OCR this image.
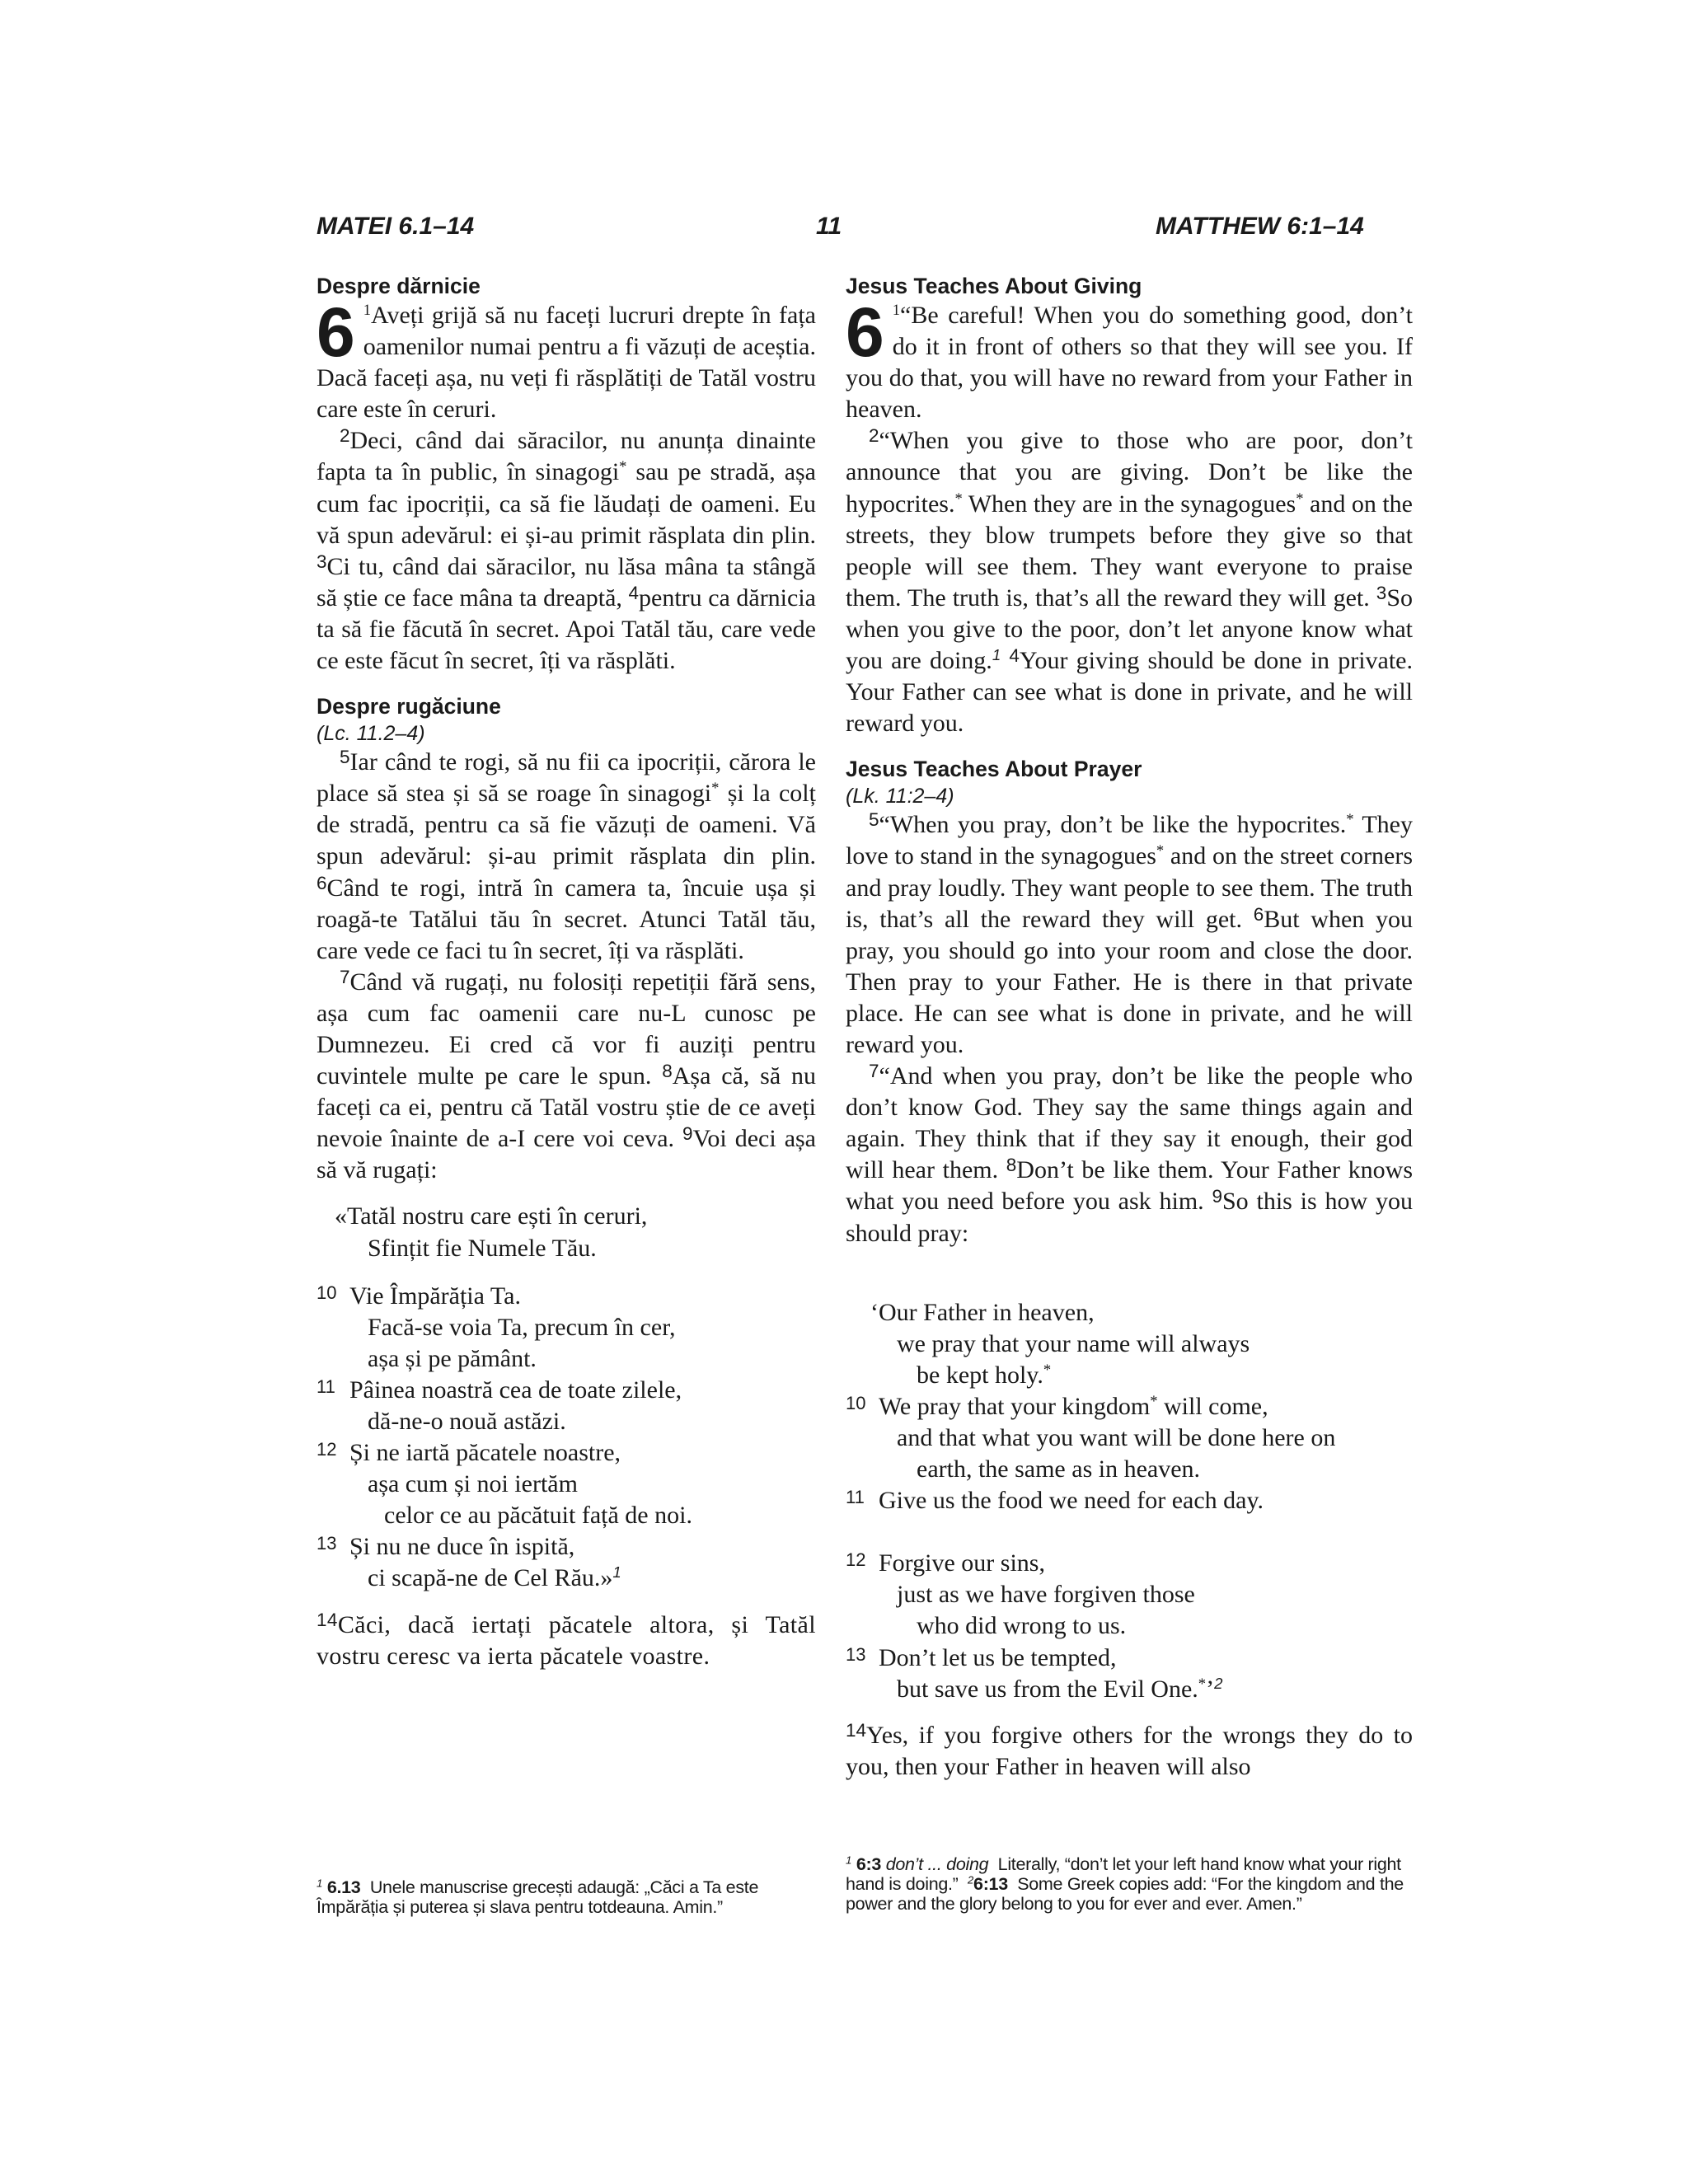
MATEI 6.1–14	11	MATTHEW 6:1–14
Despre dărnicie

6 $^1$Aveți grijă să nu faceți lucruri drepte în fața oamenilor numai pentru a fi văzuți de aceștia. Dacă faceți așa, nu veți fi răsplătiți de Tatăl vostru care este în ceruri.

$^2$Deci, când dai săracilor, nu anunța dinainte fapta ta în public, în sinagogi* sau pe stradă, așa cum fac ipocriții, ca să fie lăudați de oameni. Eu vă spun adevărul: ei și-au primit răsplata din plin. $^3$Ci tu, când dai săracilor, nu lăsa mâna ta stângă să știe ce face mâna ta dreaptă, $^4$pentru ca dărnicia ta să fie făcută în secret. Apoi Tatăl tău, care vede ce este făcut în secret, îți va răsplăti.

Despre rugăciune

(Lc. 11.2–4)

$^5$Iar când te rogi, să nu fii ca ipocriții, cărora le place să stea și să se roage în sinagogi* și la colț de stradă, pentru ca să fie văzuți de oameni. Vă spun adevărul: și-au primit răsplata din plin. $^6$Când te rogi, intră în camera ta, încuie ușa și roagă-te Tatălui tău în secret. Atunci Tatăl tău, care vede ce faci tu în secret, îți va răsplăti.

$^7$Când vă rugați, nu folosiți repetiții fără sens, așa cum fac oamenii care nu-L cunosc pe Dumnezeu. Ei cred că vor fi auziți pentru cuvintele multe pe care le spun. $^8$Așa că, să nu faceți ca ei, pentru că Tatăl vostru știe de ce aveți nevoie înainte de a-I cere voi ceva. $^9$Voi deci așa să vă rugați:

«Tatăl nostru care ești în ceruri,
Sfințit fie Numele Tău.
10 Vie Împărăția Ta.
Facă-se voia Ta, precum în cer,
așa și pe pământ.
11 Pâinea noastră cea de toate zilele,
dă-ne-o nouă astăzi.
12 Și ne iartă păcatele noastre,
așa cum și noi iertăm
celor ce au păcătuit față de noi.
13 Și nu ne duce în ispită,
ci scapă-ne de Cel Rău.»$^1$

$^{14}$Căci, dacă iertați păcatele altora, și Tatăl vostru ceresc va ierta păcatele voastre.

Jesus Teaches About Giving

6 $^1$“Be careful! When you do something good, don’t do it in front of others so that they will see you. If you do that, you will have no reward from your Father in heaven.

$^2$“When you give to those who are poor, don’t announce that you are giving. Don’t be like the hypocrites.* When they are in the synagogues* and on the streets, they blow trumpets before they give so that people will see them. They want everyone to praise them. The truth is, that’s all the reward they will get. $^3$So when you give to the poor, don’t let anyone know what you are doing.$^1$ $^4$Your giving should be done in private. Your Father can see what is done in private, and he will reward you.

Jesus Teaches About Prayer

(Lk. 11:2–4)

$^5$“When you pray, don’t be like the hypocrites.* They love to stand in the synagogues* and on the street corners and pray loudly. They want people to see them. The truth is, that’s all the reward they will get. $^6$But when you pray, you should go into your room and close the door. Then pray to your Father. He is there in that private place. He can see what is done in private, and he will reward you.

$^7$“And when you pray, don’t be like the people who don’t know God. They say the same things again and again. They think that if they say it enough, their god will hear them. $^8$Don’t be like them. Your Father knows what you need before you ask him. $^9$So this is how you should pray:

‘Our Father in heaven,
we pray that your name will always
be kept holy.*
10 We pray that your kingdom* will come,
and that what you want will be done here on
earth, the same as in heaven.
11 Give us the food we need for each day.
12 Forgive our sins,
just as we have forgiven those
who did wrong to us.
13 Don’t let us be tempted,
but save us from the Evil One.*’$^2$

$^{14}$Yes, if you forgive others for the wrongs they do to you, then your Father in heaven will also

$^1$ 6.13 Unele manuscrise grecești adaugă: „Căci a Ta este Împărăția și puterea și slava pentru totdeauna. Amin.”
$^1$ 6:3 don’t ... doing Literally, “don’t let your left hand know what your right hand is doing.” $^2$6:13 Some Greek copies add: “For the kingdom and the power and the glory belong to you for ever and ever. Amen.”
